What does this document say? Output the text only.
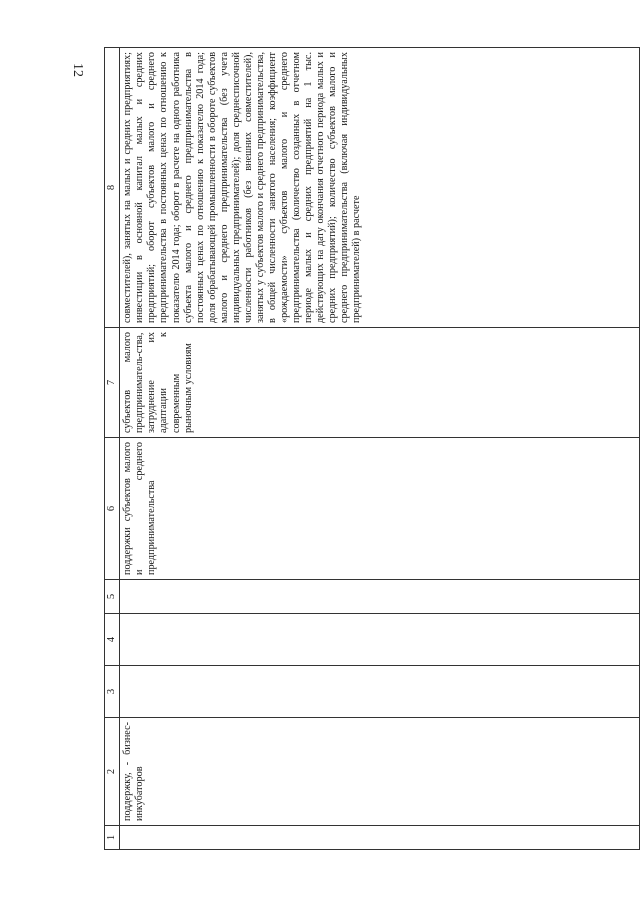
12
1	2	3	4	5	6	7	8
	поддержку, - бизнес-инкубаторов				поддержки субъектов малого и среднего предпринимательства	субъектов малого предприниматель-ства, затруднение их адаптации к современным рыночным условиям	совместителей), занятых на малых и средних предприятиях; инвестиции в основной капитал малых и средних предприятий; оборот субъектов малого и среднего предпринимательства в постоянных ценах по отношению к показателю 2014 года; оборот в расчете на одного работника субъекта малого и среднего предпринимательства в постоянных ценах по отношению к показателю 2014 года; доля обрабатывающей промышленности в обороте субъектов малого и среднего предпринимательства (без учета индивидуальных предпринимателей); доля среднесписочной численности работников (без внешних совместителей), занятых у субъектов малого и среднего предпринимательства, в общей численности занятого населения; коэффициент «рождаемости» субъектов малого и среднего предпринимательства (количество созданных в отчетном периоде малых и средних предприятий на 1 тыс. действующих на дату окончания отчетного периода малых и средних предприятий); количество субъектов малого и среднего предпринимательства (включая индивидуальных предпринимателей) в расчете
